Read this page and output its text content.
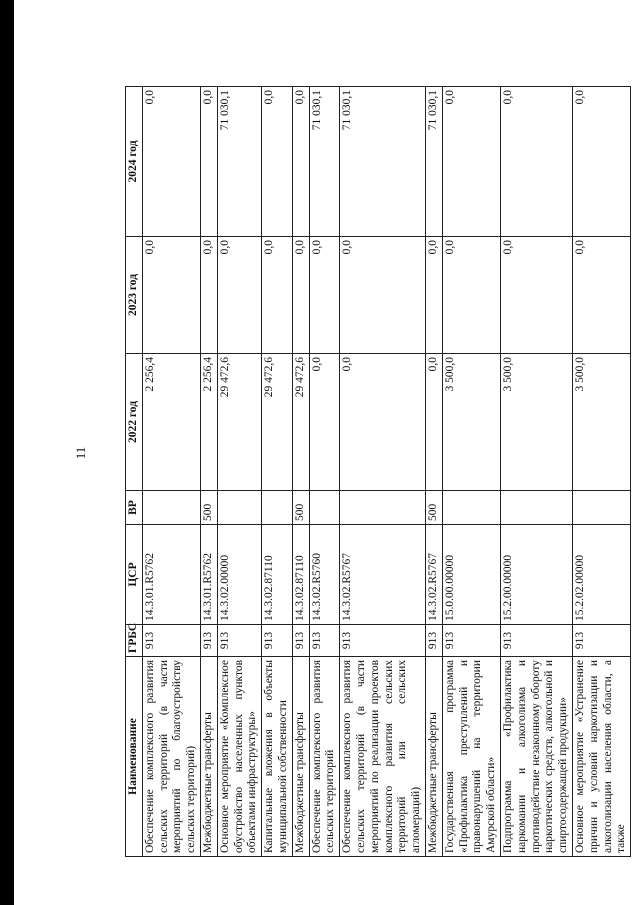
11
Наименование	ГРБС	ЦСР	ВР	2022 год	2023 год	2024 год
Обеспечение комплексного развития сельских территорий (в части мероприятий по благоустройству сельских территорий)	913	14.3.01.R5762		2 256,4	0,0	0,0
Межбюджетные трансферты	913	14.3.01.R5762	500	2 256,4	0,0	0,0
Основное мероприятие «Комплексное обустройство населенных пунктов объектами инфраструктуры»	913	14.3.02.00000		29 472,6	0,0	71 030,1
Капитальные вложения в объекты муниципальной собственности	913	14.3.02.87110		29 472,6	0,0	0,0
Межбюджетные трансферты	913	14.3.02.87110	500	29 472,6	0,0	0,0
Обеспечение комплексного развития сельских территорий	913	14.3.02.R5760		0,0	0,0	71 030,1
Обеспечение комплексного развития сельских территорий (в части мероприятий по реализации проектов комплексного развития сельских территорий или сельских агломераций)	913	14.3.02.R5767		0,0	0,0	71 030,1
Межбюджетные трансферты	913	14.3.02.R5767	500	0,0	0,0	71 030,1
Государственная программа «Профилактика преступлений и правонарушений на территории Амурской области»	913	15.0.00.00000		3 500,0	0,0	0,0
Подпрограмма «Профилактика наркомании и алкоголизма и противодействие незаконному обороту наркотических средств, алкогольной и спиртосодержащей продукции»	913	15.2.00.00000		3 500,0	0,0	0,0
Основное мероприятие «Устранение причин и условий наркотизации и алкоголизации населения области, а также	913	15.2.02.00000		3 500,0	0,0	0,0
